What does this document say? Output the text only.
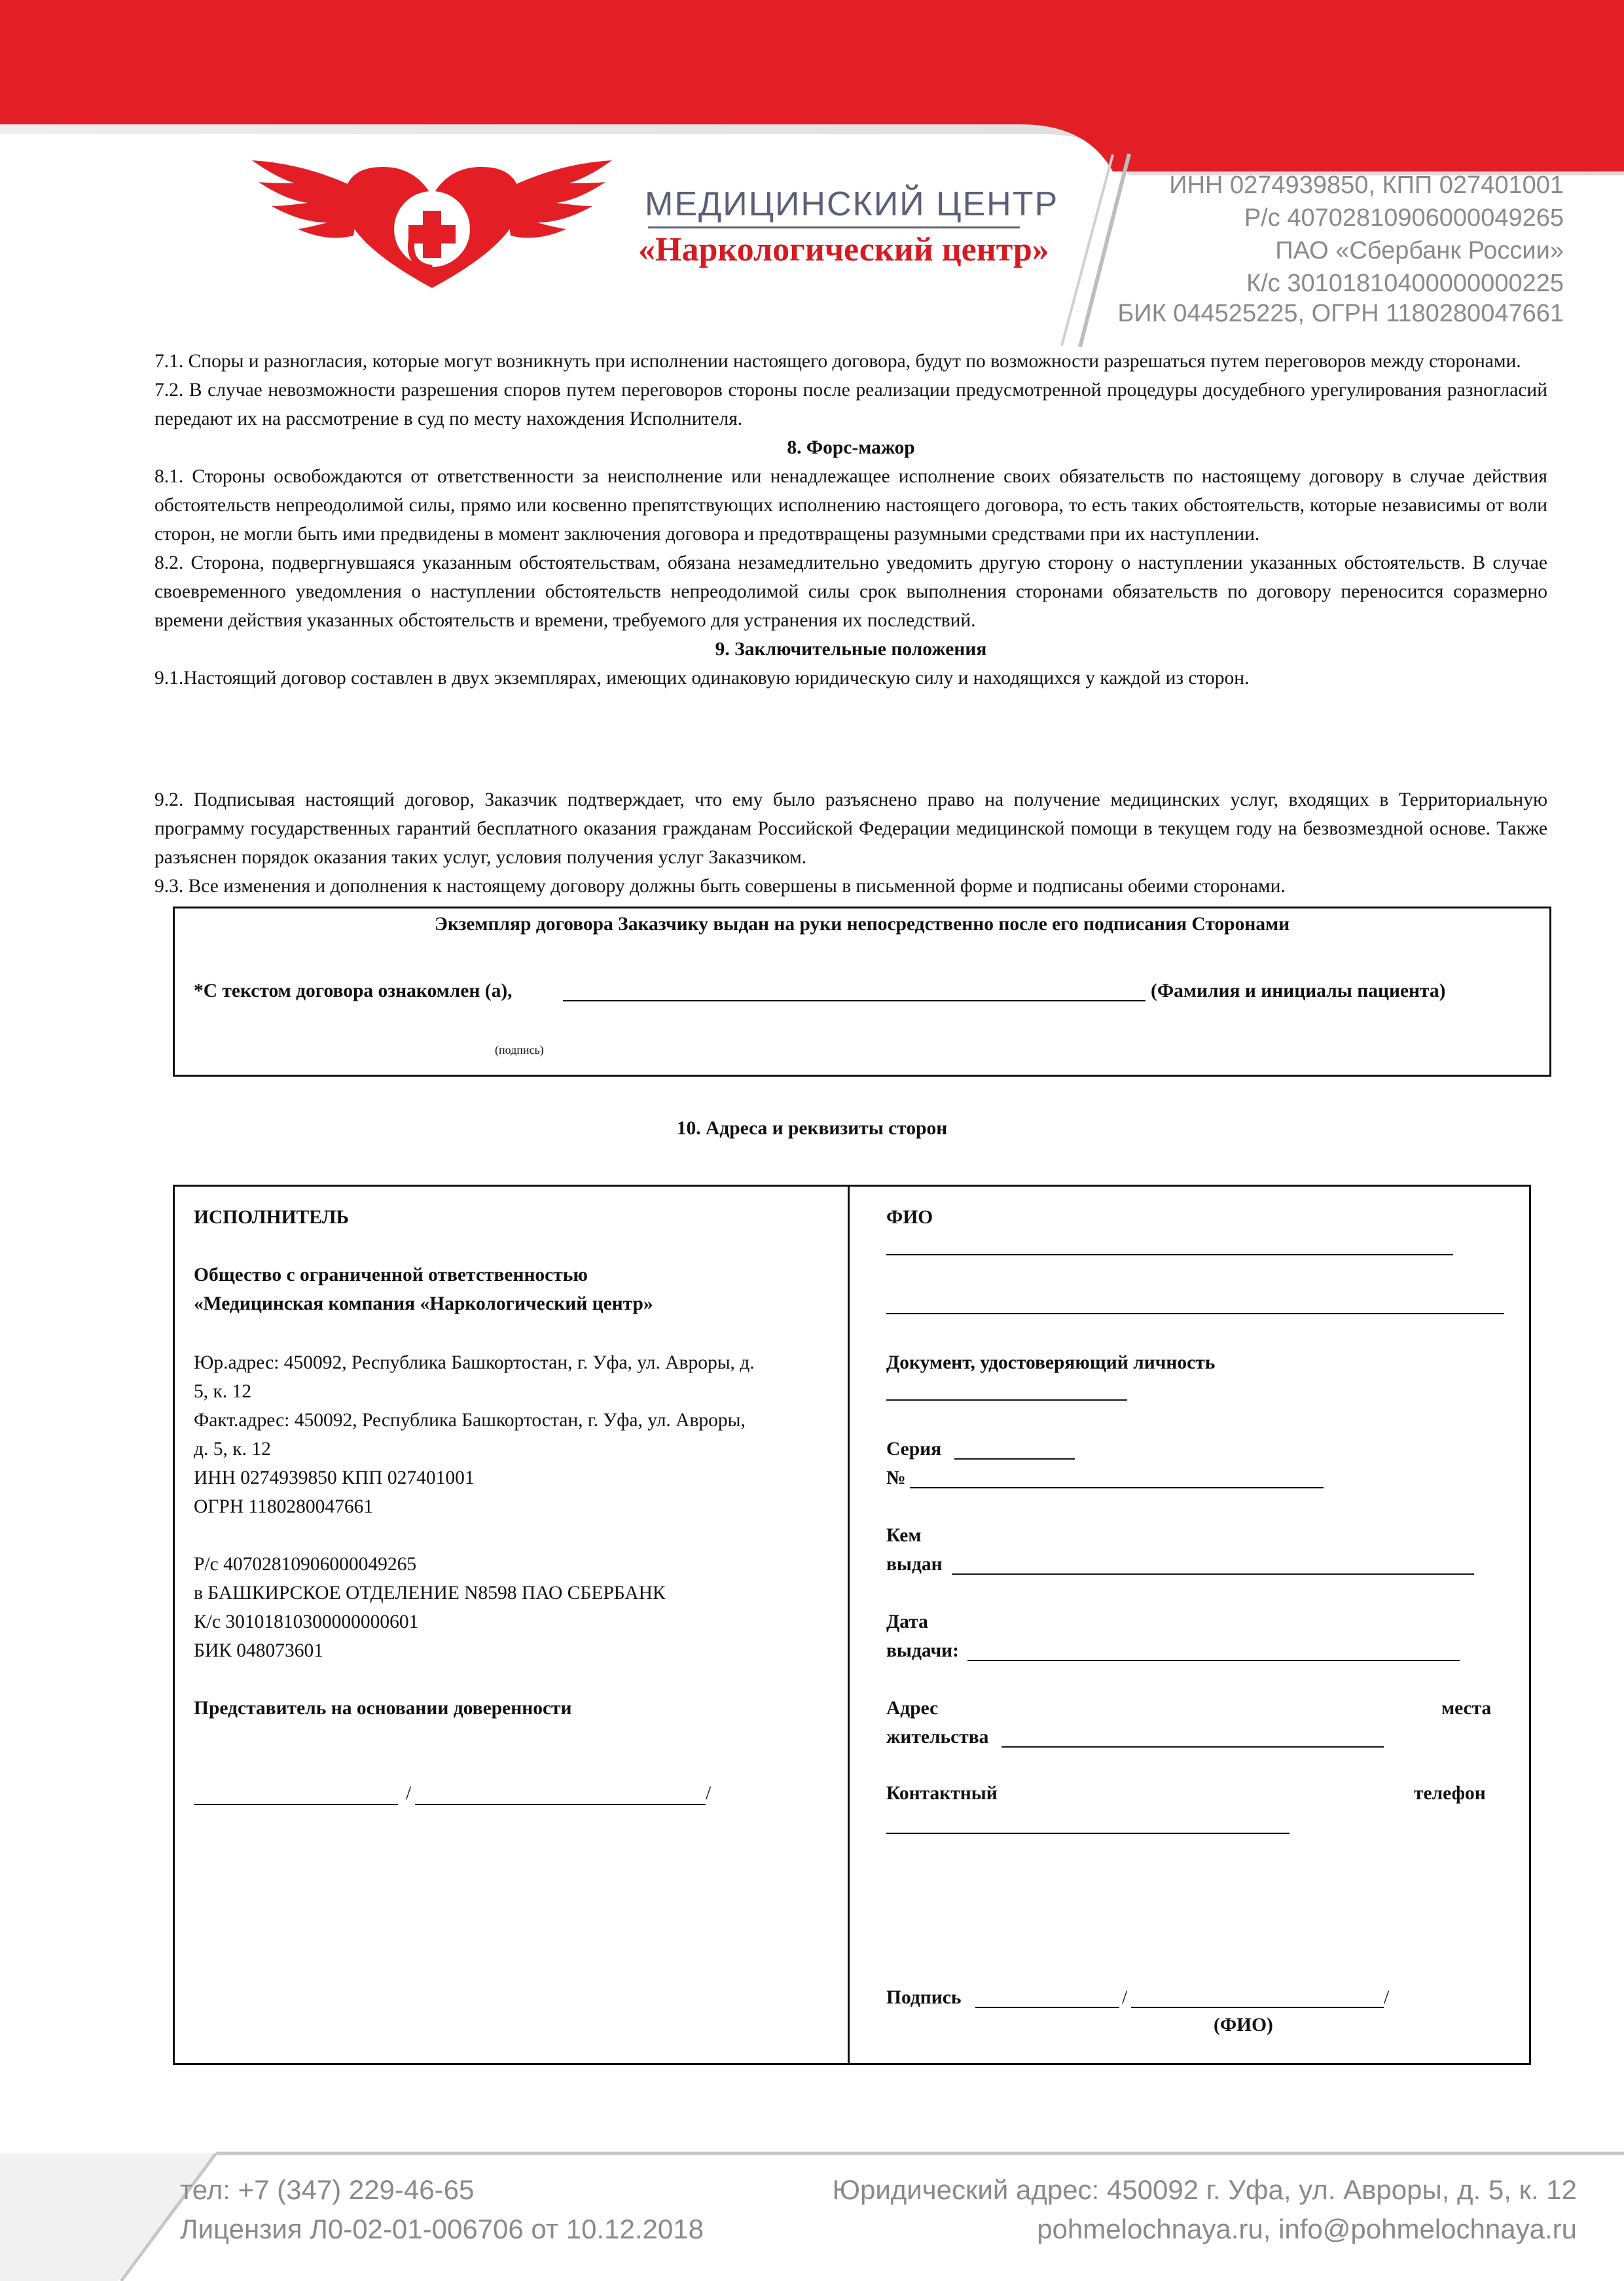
МЕДИЦИНСКИЙ ЦЕНТР
«Наркологический центр»
ИНН 0274939850, КПП 027401001
Р/с 40702810906000049265
ПАО «Сбербанк России»
К/с 30101810400000000225
БИК 044525225, ОГРН 1180280047661

7.1. Споры и разногласия, которые могут возникнуть при исполнении настоящего договора, будут по возможности разрешаться путем переговоров между сторонами.

7.2. В случае невозможности разрешения споров путем переговоров стороны после реализации предусмотренной процедуры досудебного урегулирования разногласий передают их на рассмотрение в суд по месту нахождения Исполнителя.

8. Форс-мажор

8.1. Стороны освобождаются от ответственности за неисполнение или ненадлежащее исполнение своих обязательств по настоящему договору в случае действия обстоятельств непреодолимой силы, прямо или косвенно препятствующих исполнению настоящего договора, то есть таких обстоятельств, которые независимы от воли сторон, не могли быть ими предвидены в момент заключения договора и предотвращены разумными средствами при их наступлении.

8.2. Сторона, подвергнувшаяся указанным обстоятельствам, обязана незамедлительно уведомить другую сторону о наступлении указанных обстоятельств. В случае своевременного уведомления о наступлении обстоятельств непреодолимой силы срок выполнения сторонами обязательств по договору переносится соразмерно времени действия указанных обстоятельств и времени, требуемого для устранения их последствий.

9. Заключительные положения

9.1.Настоящий договор составлен в двух экземплярах, имеющих одинаковую юридическую силу и находящихся у каждой из сторон.

9.2. Подписывая настоящий договор, Заказчик подтверждает, что ему было разъяснено право на получение медицинских услуг, входящих в Территориальную программу государственных гарантий бесплатного оказания гражданам Российской Федерации медицинской помощи в текущем году на безвозмездной основе. Также разъяснен порядок оказания таких услуг, условия получения услуг Заказчиком.

9.3. Все изменения и дополнения к настоящему договору должны быть совершены в письменной форме и подписаны обеими сторонами.

Экземпляр договора Заказчику выдан на руки непосредственно после его подписания Сторонами
*С текстом договора ознакомлен (а),	(Фамилия и инициалы пациента)
(подпись)
10. Адреса и реквизиты сторон
ИСПОЛНИТЕЛЬ
Общество с ограниченной ответственностью
«Медицинская компания «Наркологический центр»
Юр.адрес: 450092, Республика Башкортостан, г. Уфа, ул. Авроры, д.
5, к. 12
Факт.адрес: 450092, Республика Башкортостан, г. Уфа, ул. Авроры,
д. 5, к. 12
ИНН 0274939850 КПП 027401001
ОГРН 1180280047661
Р/с 40702810906000049265
в БАШКИРСКОЕ ОТДЕЛЕНИЕ N8598 ПАО СБЕРБАНК
К/с 30101810300000000601
БИК 048073601
Представитель на основании доверенности
/	/
ФИО
Документ, удостоверяющий личность
Серия
№
Кем
выдан
Дата
выдачи:
Адрес	места
жительства
Контактный	телефон
Подпись	/	/
(ФИО)
тел: +7 (347) 229-46-65
Лицензия Л0-02-01-006706 от 10.12.2018
Юридический адрес: 450092 г. Уфа, ул. Авроры, д. 5, к. 12
pohmelochnaya.ru, info@pohmelochnaya.ru
